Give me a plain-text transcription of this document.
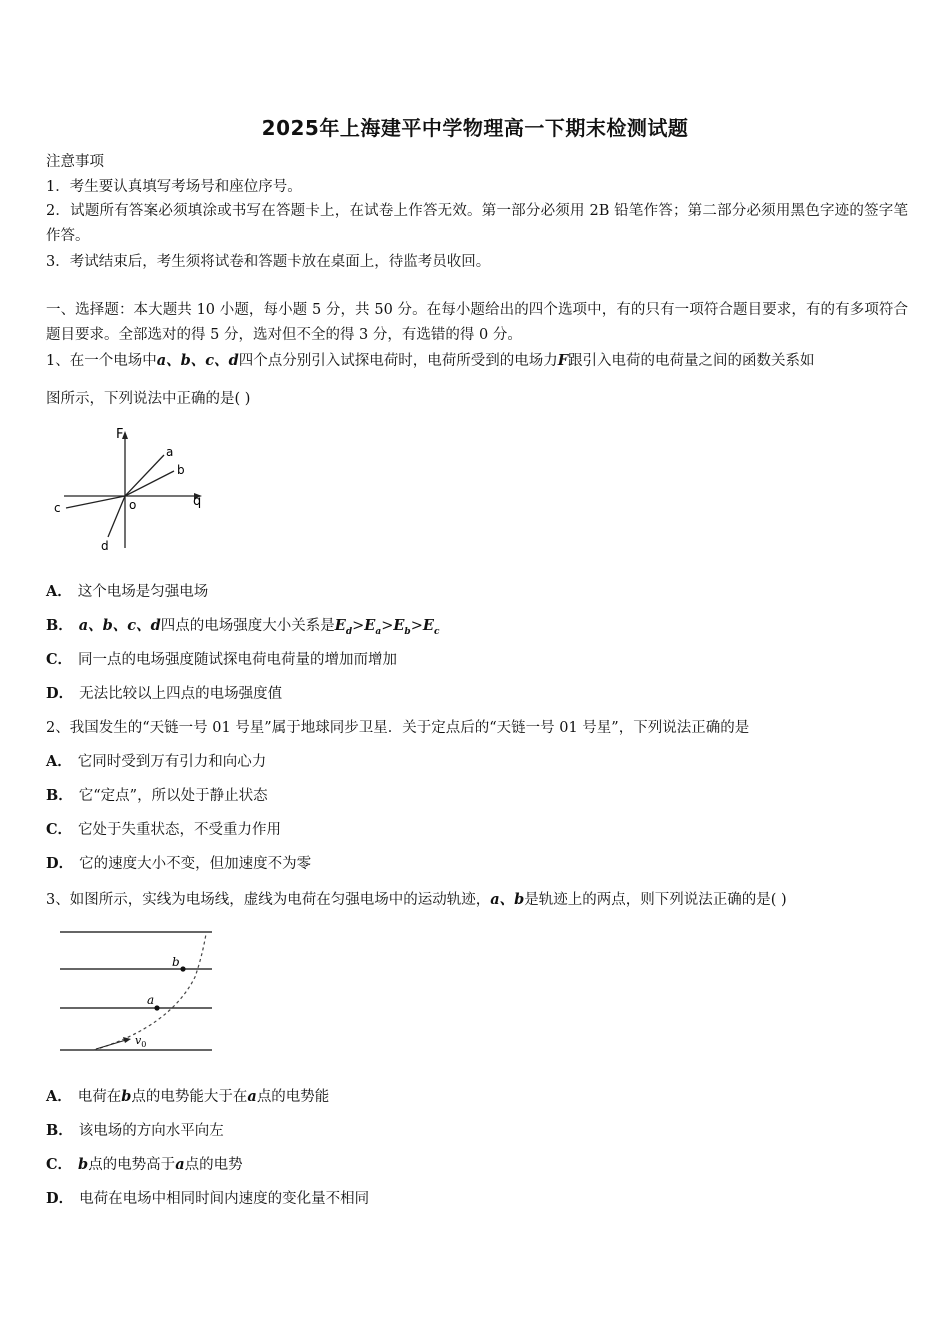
2025年上海建平中学物理高一下期末检测试题
注意事项
1．考生要认真填写考场号和座位序号。
2．试题所有答案必须填涂或书写在答题卡上，在试卷上作答无效。第一部分必须用 2B 铅笔作答；第二部分必须用黑色字迹的签字笔作答。
3．考试结束后，考生须将试卷和答题卡放在桌面上，待监考员收回。
一、选择题：本大题共 10 小题，每小题 5 分，共 50 分。在每小题给出的四个选项中，有的只有一项符合题目要求，有的有多项符合题目要求。全部选对的得 5 分，选对但不全的得 3 分，有选错的得 0 分。
1、在一个电场中a、b、c、d四个点分别引入试探电荷时，电荷所受到的电场力F跟引入电荷的电荷量之间的函数关系如
图所示，下列说法中正确的是( )
F
q
o
a
b
c
d
A． 这个电场是匀强电场
B． a、b、c、d四点的电场强度大小关系是$E_d>E_a>E_b>E_c$
C． 同一点的电场强度随试探电荷电荷量的增加而增加
D． 无法比较以上四点的电场强度值
2、我国发生的“天链一号 01 号星”属于地球同步卫星．关于定点后的“天链一号 01 号星”，下列说法正确的是
A． 它同时受到万有引力和向心力
B． 它“定点”，所以处于静止状态
C． 它处于失重状态，不受重力作用
D． 它的速度大小不变，但加速度不为零
3、如图所示，实线为电场线，虚线为电荷在匀强电场中的运动轨迹，a、b是轨迹上的两点，则下列说法正确的是( )
a
b
$v_0$
A． 电荷在b点的电势能大于在a点的电势能
B． 该电场的方向水平向左
C． b点的电势高于a点的电势
D． 电荷在电场中相同时间内速度的变化量不相同
